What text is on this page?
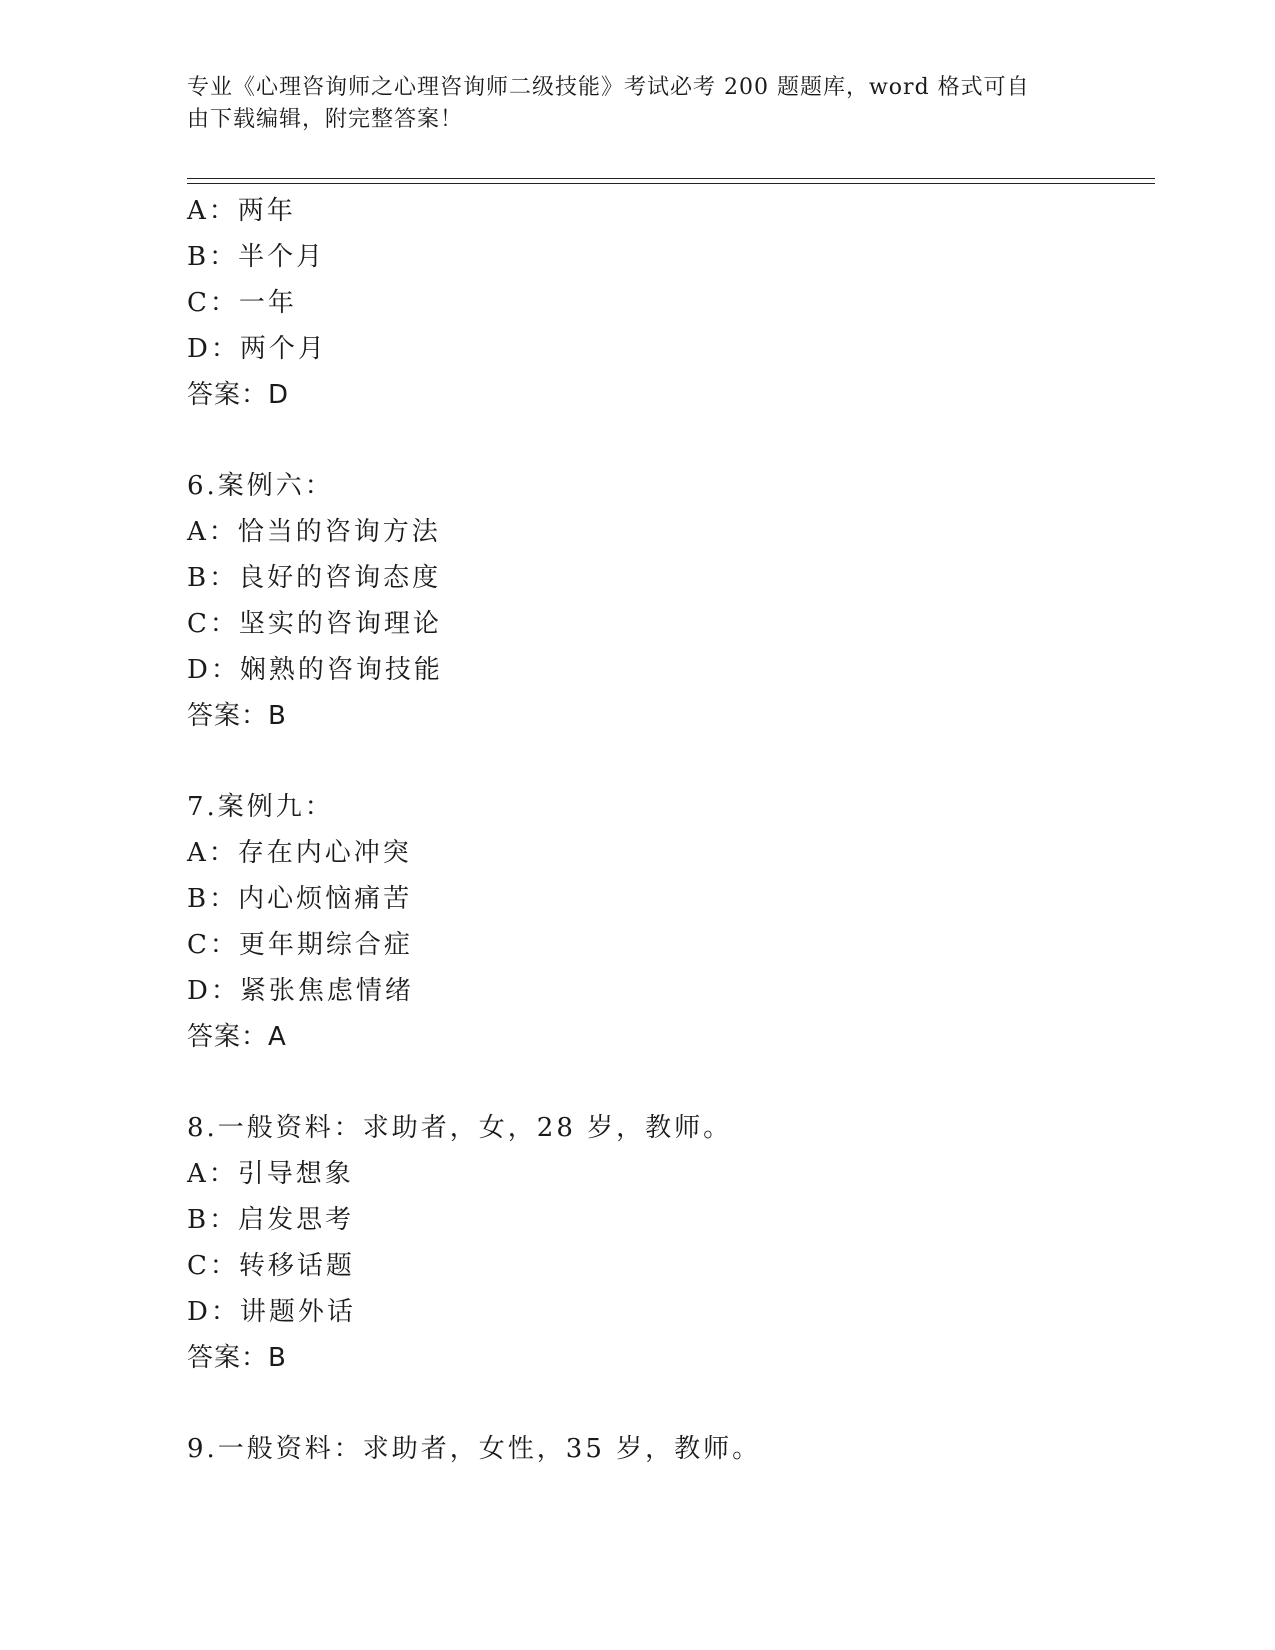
专业《心理咨询师之心理咨询师二级技能》考试必考 200 题题库，word 格式可自
由下载编辑，附完整答案！
A：两年
B：半个月
C：一年
D：两个月
答案：D
6.案例六：
A：恰当的咨询方法
B：良好的咨询态度
C：坚实的咨询理论
D：娴熟的咨询技能
答案：B
7.案例九：
A：存在内心冲突
B：内心烦恼痛苦
C：更年期综合症
D：紧张焦虑情绪
答案：A
8.一般资料：求助者，女，28 岁，教师。
A：引导想象
B：启发思考
C：转移话题
D：讲题外话
答案：B
9.一般资料：求助者，女性，35 岁，教师。
